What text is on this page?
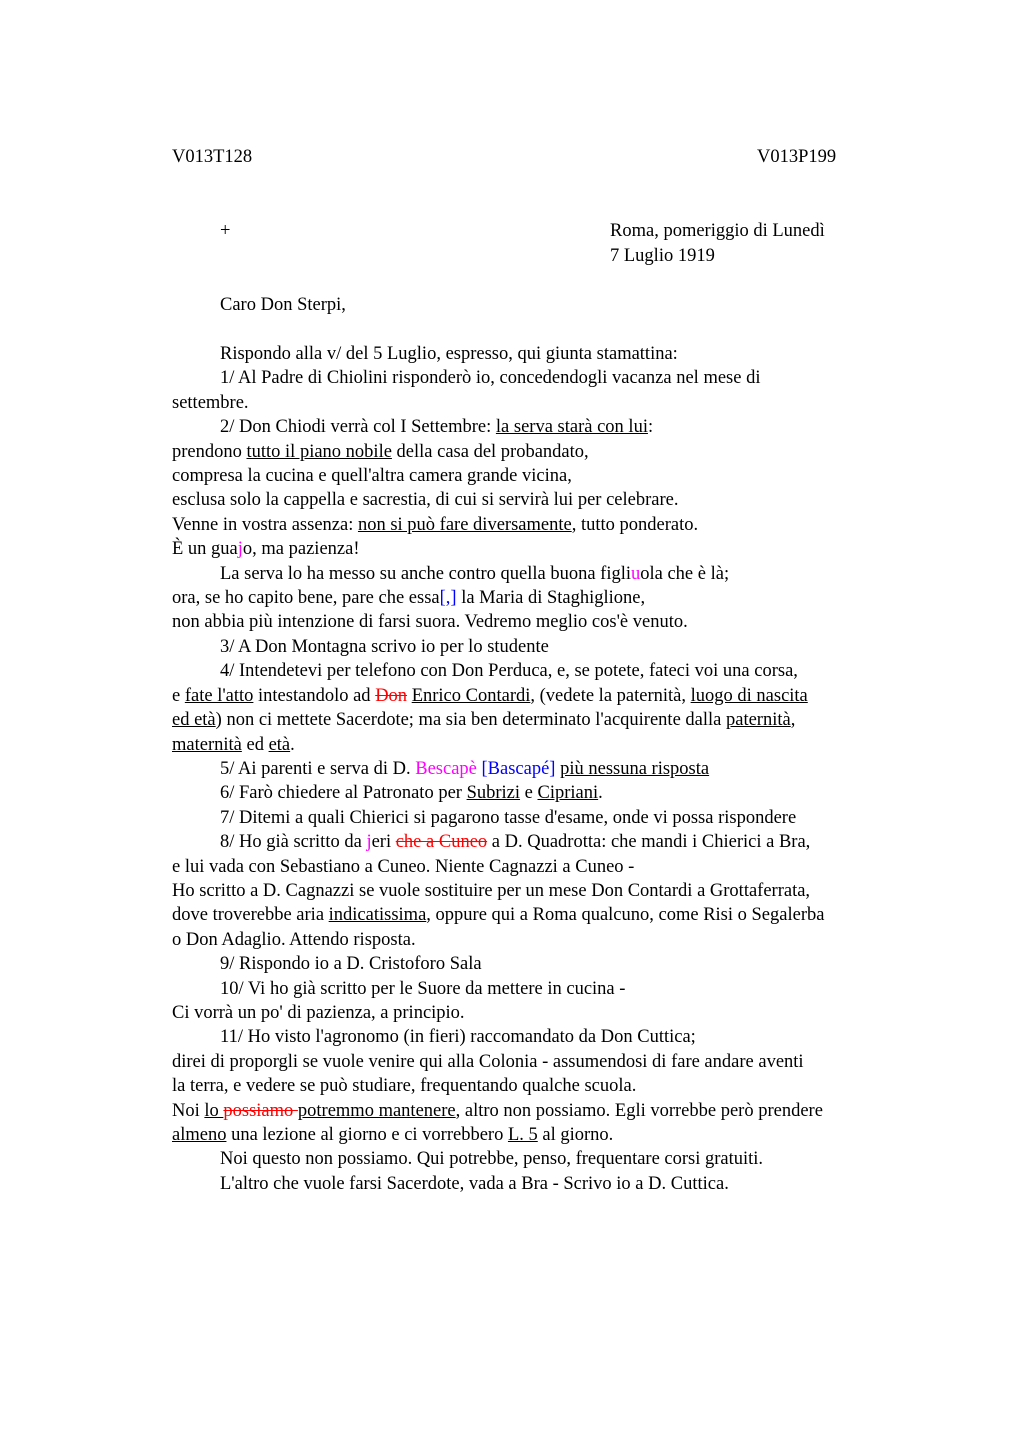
V013T128	V013P199
+	Roma, pomeriggio di Lunedì
7 Luglio 1919
Caro Don Sterpi,
Rispondo alla v/ del 5 Luglio, espresso, qui giunta stamattina:
1/ Al Padre di Chiolini risponderò io, concedendogli vacanza nel mese di
settembre.
2/ Don Chiodi verrà col I Settembre: la serva starà con lui:
prendono tutto il piano nobile della casa del probandato,
compresa la cucina e quell'altra camera grande vicina,
esclusa solo la cappella e sacrestia, di cui si servirà lui per celebrare.
Venne in vostra assenza: non si può fare diversamente, tutto ponderato.
È un guajo, ma pazienza!
La serva lo ha messo su anche contro quella buona figliuola che è là;
ora, se ho capito bene, pare che essa[,] la Maria di Staghiglione,
non abbia più intenzione di farsi suora. Vedremo meglio cos'è venuto.
3/ A Don Montagna scrivo io per lo studente
4/ Intendetevi per telefono con Don Perduca, e, se potete, fateci voi una corsa,
e fate l'atto intestandolo ad Don Enrico Contardi, (vedete la paternità, luogo di nascita
ed età) non ci mettete Sacerdote; ma sia ben determinato l'acquirente dalla paternità,
maternità ed età.
5/ Ai parenti e serva di D. Bescapè [Bascapé] più nessuna risposta
6/ Farò chiedere al Patronato per Subrizi e Cipriani.
7/ Ditemi a quali Chierici si pagarono tasse d'esame, onde vi possa rispondere
8/ Ho già scritto da jeri che a Cuneo a D. Quadrotta: che mandi i Chierici a Bra,
e lui vada con Sebastiano a Cuneo. Niente Cagnazzi a Cuneo -
Ho scritto a D. Cagnazzi se vuole sostituire per un mese Don Contardi a Grottaferrata,
dove troverebbe aria indicatissima, oppure qui a Roma qualcuno, come Risi o Segalerba
o Don Adaglio. Attendo risposta.
9/ Rispondo io a D. Cristoforo Sala
10/ Vi ho già scritto per le Suore da mettere in cucina -
Ci vorrà un po' di pazienza, a principio.
11/ Ho visto l'agronomo (in fieri) raccomandato da Don Cuttica;
direi di proporgli se vuole venire qui alla Colonia - assumendosi di fare andare aventi
la terra, e vedere se può studiare, frequentando qualche scuola.
Noi lo possiamo potremmo mantenere, altro non possiamo. Egli vorrebbe però prendere
almeno una lezione al giorno e ci vorrebbero L. 5 al giorno.
Noi questo non possiamo. Qui potrebbe, penso, frequentare corsi gratuiti.
L'altro che vuole farsi Sacerdote, vada a Bra - Scrivo io a D. Cuttica.
